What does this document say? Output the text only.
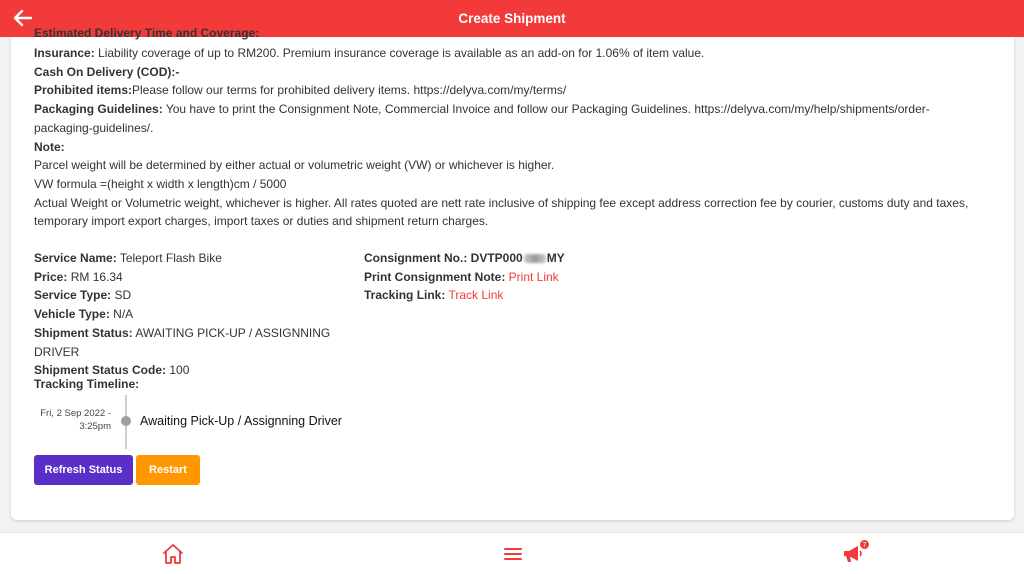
Create Shipment
Estimated Delivery Time and Coverage:
Insurance: Liability coverage of up to RM200. Premium insurance coverage is available as an add-on for 1.06% of item value.
Cash On Delivery (COD):-
Prohibited items:Please follow our terms for prohibited delivery items. https://delyva.com/my/terms/
Packaging Guidelines: You have to print the Consignment Note, Commercial Invoice and follow our Packaging Guidelines. https://delyva.com/my/help/shipments/order-packaging-guidelines/.
Note:
Parcel weight will be determined by either actual or volumetric weight (VW) or whichever is higher.
VW formula =(height x width x length)cm / 5000
Actual Weight or Volumetric weight, whichever is higher. All rates quoted are nett rate inclusive of shipping fee except address correction fee by courier, customs duty and taxes, temporary import export charges, import taxes or duties and shipment return charges.
Service Name: Teleport Flash Bike
Price: RM 16.34
Service Type: SD
Vehicle Type: N/A
Shipment Status: AWAITING PICK-UP / ASSIGNNING DRIVER
Shipment Status Code: 100
Consignment No.: DVTP000 MY
Print Consignment Note: Print Link
Tracking Link: Track Link
Tracking Timeline:
Fri, 2 Sep 2022 -
3:25pm Awaiting Pick-Up / Assignning Driver
Refresh Status	Restart
7
